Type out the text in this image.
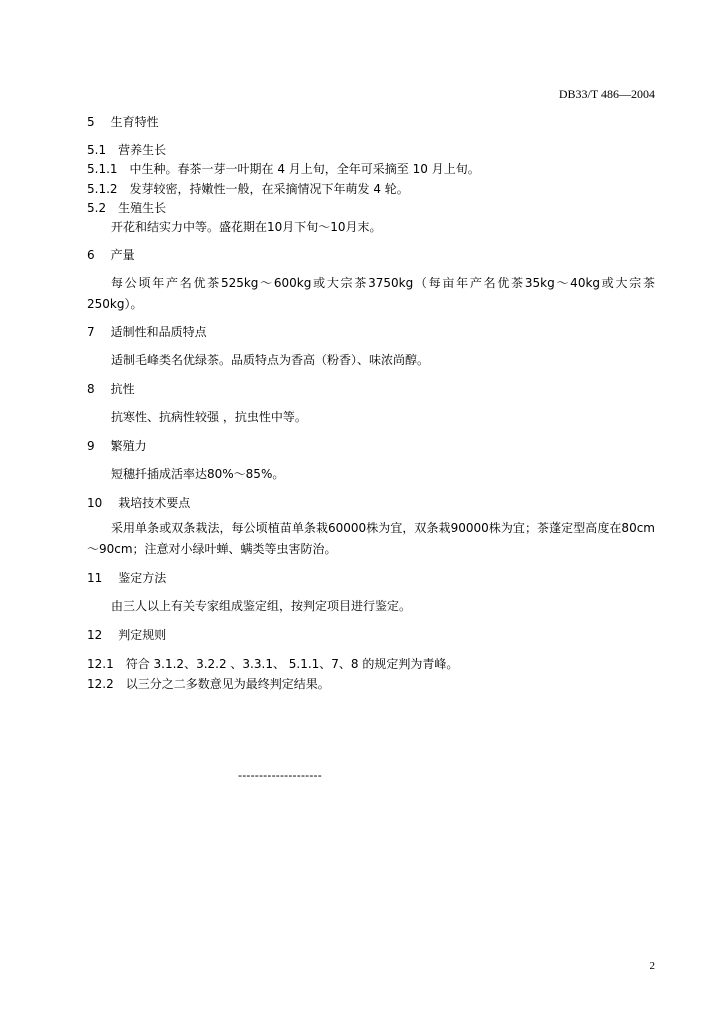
DB33/T 486—2004
5 生育特性
5.1 营养生长
5.1.1 中生种。春茶一芽一叶期在 4 月上旬，全年可采摘至 10 月上旬。
5.1.2 发芽较密，持嫩性一般，在采摘情况下年萌发 4 轮。
5.2 生殖生长
开花和结实力中等。盛花期在10月下旬～10月末。
6 产量
每公顷年产名优茶525kg～600kg或大宗茶3750kg（每亩年产名优茶35kg～40kg或大宗茶250kg）。
7 适制性和品质特点
适制毛峰类名优绿茶。品质特点为香高（粉香）、味浓尚醇。
8 抗性
抗寒性、抗病性较强 ，抗虫性中等。
9 繁殖力
短穗扦插成活率达80%～85%。
10 栽培技术要点
采用单条或双条栽法，每公顷植苗单条栽60000株为宜，双条栽90000株为宜；茶蓬定型高度在80cm～90cm；注意对小绿叶蝉、螨类等虫害防治。
11 鉴定方法
由三人以上有关专家组成鉴定组，按判定项目进行鉴定。
12 判定规则
12.1 符合 3.1.2、3.2.2 、3.3.1、 5.1.1、7、8 的规定判为青峰。
12.2 以三分之二多数意见为最终判定结果。
--------------------
2
